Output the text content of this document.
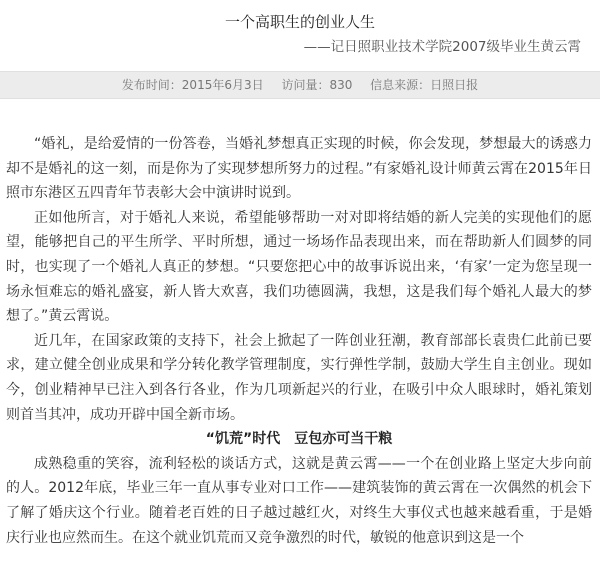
一个高职生的创业人生
——记日照职业技术学院2007级毕业生黄云霄
发布时间：2015年6月3日 访问量：830 信息来源：日照日报

“婚礼，是给爱情的一份答卷，当婚礼梦想真正实现的时候，你会发现，梦想最大的诱惑力却不是婚礼的这一刻，而是你为了实现梦想所努力的过程。”有家婚礼设计师黄云霄在2015年日照市东港区五四青年节表彰大会中演讲时说到。

正如他所言，对于婚礼人来说，希望能够帮助一对对即将结婚的新人完美的实现他们的愿望，能够把自己的平生所学、平时所想，通过一场场作品表现出来，而在帮助新人们圆梦的同时，也实现了一个婚礼人真正的梦想。“只要您把心中的故事诉说出来，‘有家’一定为您呈现一场永恒难忘的婚礼盛宴，新人皆大欢喜，我们功德圆满，我想，这是我们每个婚礼人最大的梦想了。”黄云霄说。

近几年，在国家政策的支持下，社会上掀起了一阵创业狂潮，教育部部长袁贵仁此前已要求，建立健全创业成果和学分转化教学管理制度，实行弹性学制，鼓励大学生自主创业。现如今，创业精神早已注入到各行各业，作为几项新起兴的行业，在吸引中众人眼球时，婚礼策划则首当其冲，成功开辟中国全新市场。

“饥荒”时代　豆包亦可当干粮

成熟稳重的笑容，流利轻松的谈话方式，这就是黄云霄——一个在创业路上坚定大步向前的人。2012年底，毕业三年一直从事专业对口工作——建筑装饰的黄云霄在一次偶然的机会下了解了婚庆这个行业。随着老百姓的日子越过越红火，对终生大事仪式也越来越看重，于是婚庆行业也应然而生。在这个就业饥荒而又竞争激烈的时代，敏锐的他意识到这是一个
